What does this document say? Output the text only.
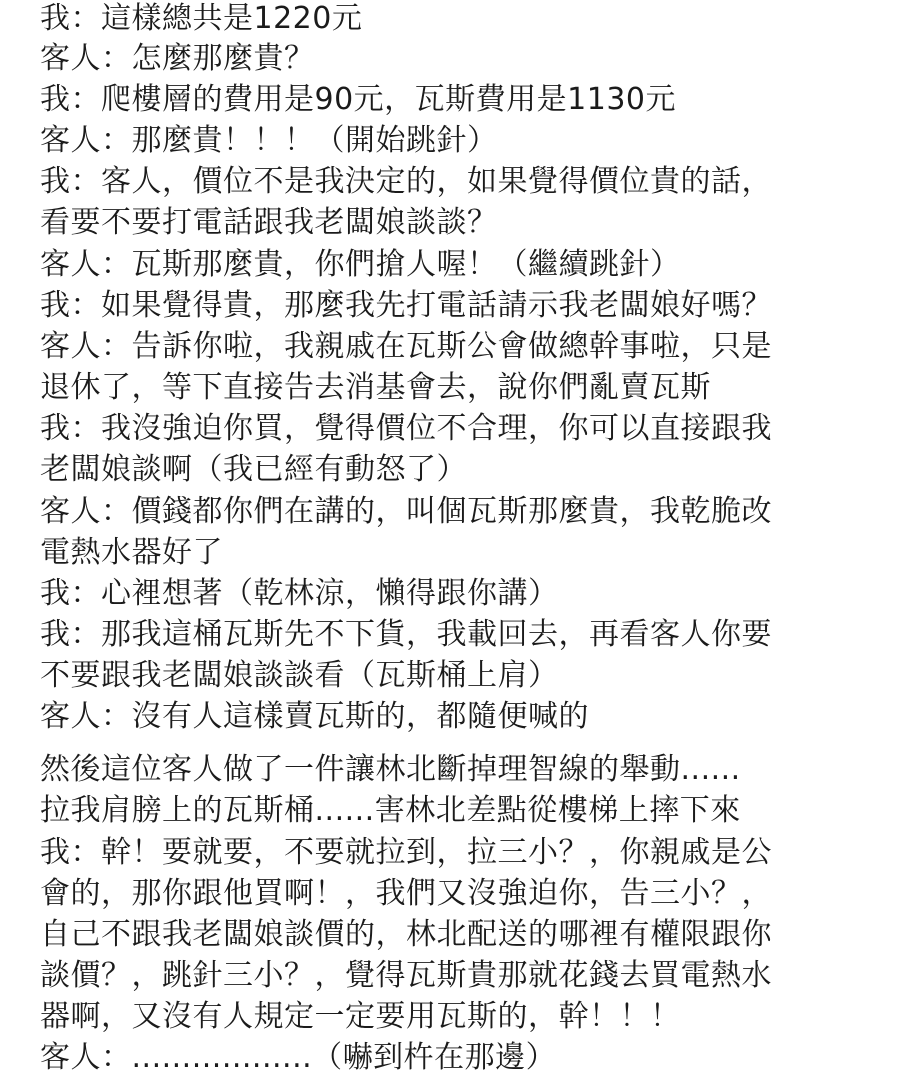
我：這樣總共是1220元
客人：怎麼那麼貴？
我：爬樓層的費用是90元，瓦斯費用是1130元
客人：那麼貴！！！（開始跳針）
我：客人，價位不是我決定的，如果覺得價位貴的話，
看要不要打電話跟我老闆娘談談？
客人：瓦斯那麼貴，你們搶人喔！（繼續跳針）
我：如果覺得貴，那麼我先打電話請示我老闆娘好嗎？
客人：告訴你啦，我親戚在瓦斯公會做總幹事啦，只是
退休了，等下直接告去消基會去，說你們亂賣瓦斯
我：我沒強迫你買，覺得價位不合理，你可以直接跟我
老闆娘談啊（我已經有動怒了）
客人：價錢都你們在講的，叫個瓦斯那麼貴，我乾脆改
電熱水器好了
我：心裡想著（乾林涼，懶得跟你講）
我：那我這桶瓦斯先不下貨，我載回去，再看客人你要
不要跟我老闆娘談談看（瓦斯桶上肩）
客人：沒有人這樣賣瓦斯的，都隨便喊的
然後這位客人做了一件讓林北斷掉理智線的舉動......
拉我肩膀上的瓦斯桶......害林北差點從樓梯上摔下來
我：幹！要就要，不要就拉到，拉三小？，你親戚是公
會的，那你跟他買啊！，我們又沒強迫你，告三小？，
自己不跟我老闆娘談價的，林北配送的哪裡有權限跟你
談價？，跳針三小？，覺得瓦斯貴那就花錢去買電熱水
器啊，又沒有人規定一定要用瓦斯的，幹！！！
客人：..................（嚇到杵在那邊）
